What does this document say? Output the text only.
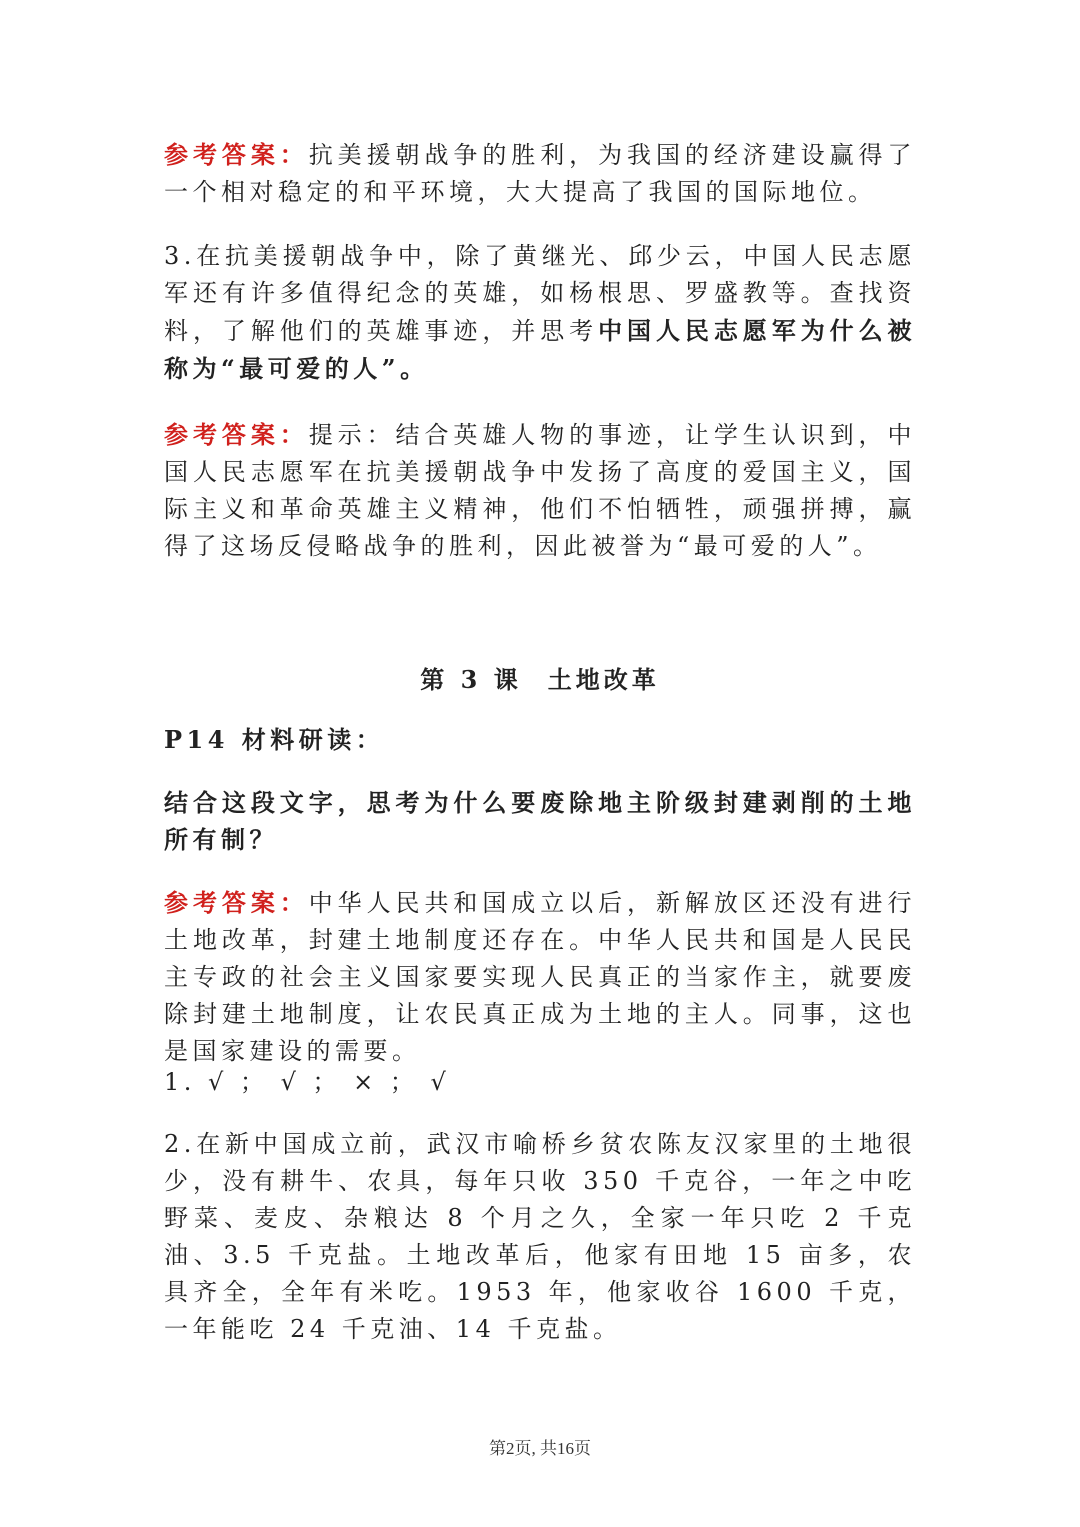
参考答案：抗美援朝战争的胜利，为我国的经济建设赢得了一个相对稳定的和平环境，大大提高了我国的国际地位。

3.在抗美援朝战争中，除了黄继光、邱少云，中国人民志愿军还有许多值得纪念的英雄，如杨根思、罗盛教等。查找资料，了解他们的英雄事迹，并思考中国人民志愿军为什么被称为“最可爱的人”。

参考答案：提示：结合英雄人物的事迹，让学生认识到，中国人民志愿军在抗美援朝战争中发扬了高度的爱国主义，国际主义和革命英雄主义精神，他们不怕牺牲，顽强拼搏，赢得了这场反侵略战争的胜利，因此被誉为“最可爱的人”。

第 3 课 土地改革

P14 材料研读：

结合这段文字，思考为什么要废除地主阶级封建剥削的土地所有制？

参考答案：中华人民共和国成立以后，新解放区还没有进行土地改革，封建土地制度还存在。中华人民共和国是人民民主专政的社会主义国家要实现人民真正的当家作主，就要废除封建土地制度，让农民真正成为土地的主人。同事，这也是国家建设的需要。

1. √ ； √ ； × ； √

2.在新中国成立前，武汉市喻桥乡贫农陈友汉家里的土地很少，没有耕牛、农具，每年只收 350 千克谷，一年之中吃野菜、麦皮、杂粮达 8 个月之久，全家一年只吃 2 千克油、3.5 千克盐。土地改革后，他家有田地 15 亩多，农具齐全，全年有米吃。1953 年，他家收谷 1600 千克，一年能吃 24 千克油、14 千克盐。

第2页, 共16页
